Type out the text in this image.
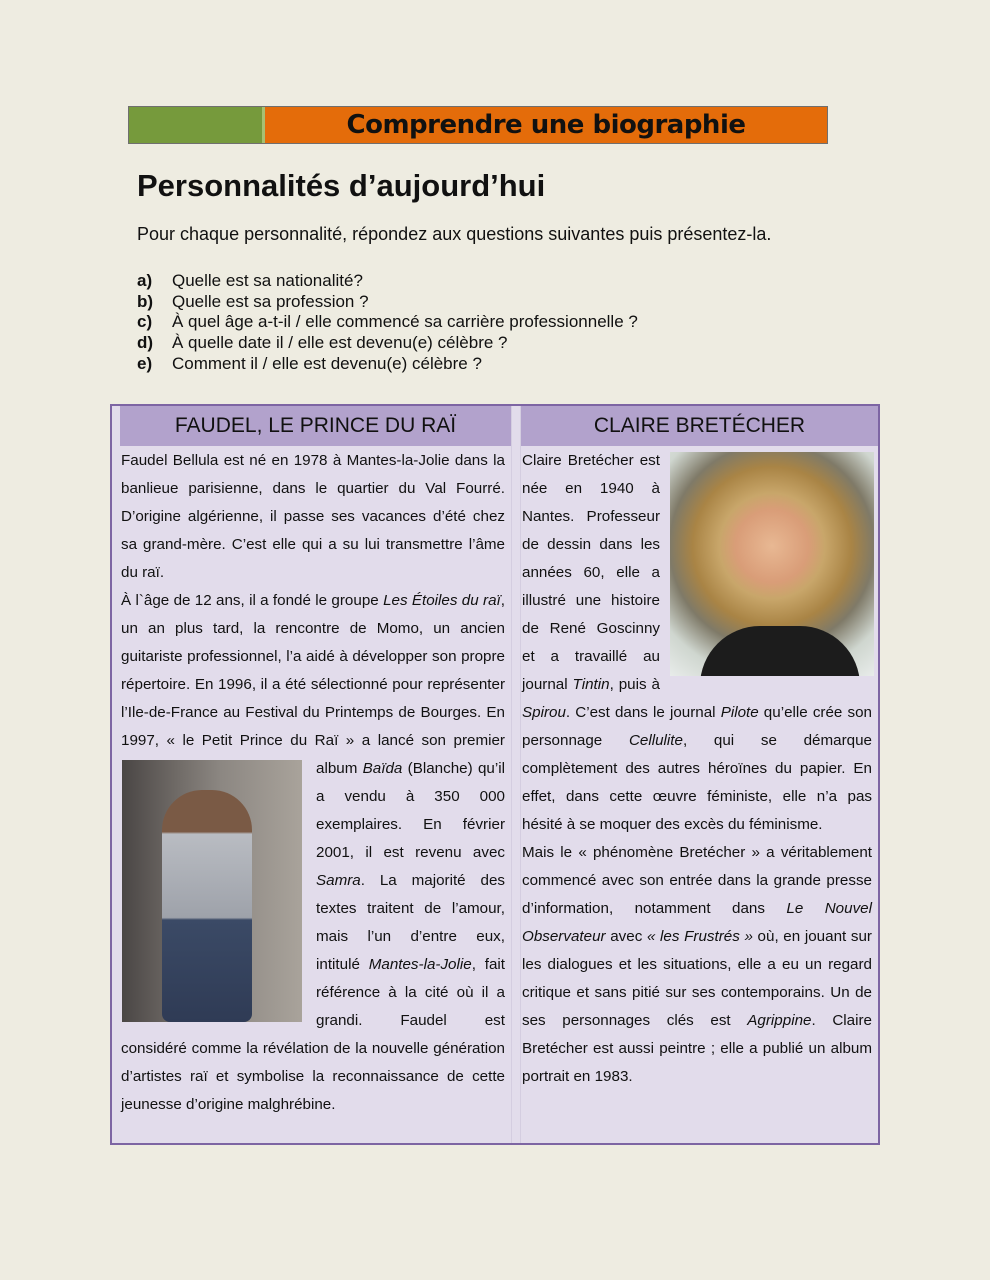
Comprendre une biographie
Personnalités d’aujourd’hui

Pour chaque personnalité, répondez aux questions suivantes puis présentez-la.

a)	Quelle est sa nationalité?
b)	Quelle est sa profession ?
c)	À quel âge a-t-il / elle commencé sa carrière professionnelle ?
d)	À quelle date il / elle est devenu(e) célèbre ?
e)	Comment il / elle est devenu(e) célèbre ?
FAUDEL, LE PRINCE DU RAÏ	CLAIRE BRETÉCHER

Faudel Bellula est né en 1978 à Mantes-la-Jolie dans la banlieue parisienne, dans le quartier du Val Fourré. D’origine algérienne, il passe ses vacances d’été chez sa grand-mère. C’est elle qui a su lui transmettre l’âme du raï.

À l`âge de 12 ans, il a fondé le groupe Les Étoiles du raï, un an plus tard, la rencontre de Momo, un ancien guitariste professionnel, l’a aidé à développer son propre répertoire. En 1996, il a été sélectionné pour représenter l’Ile-de-France au Festival du Printemps de Bourges. En 1997, « le Petit Prince du Raï » a lancé son premier album
Baïda (Blanche) qu’il a vendu à 350 000 exemplaires. En février 2001, il est revenu avec Samra. La majorité des textes traitent de l’amour, mais l’un d’entre eux, intitulé Mantes-la-Jolie, fait référence à la cité où il a grandi. Faudel est considéré comme la révélation de la nouvelle génération d’artistes raï et symbolise la reconnaissance de cette jeunesse d’origine malghrébine.

Claire Bretécher est née en 1940 à Nantes. Professeur de dessin dans les années 60, elle a illustré une histoire de René Goscinny et a travaillé au journal Tintin, puis à Spirou. C’est dans le journal Pilote qu’elle crée son personnage Cellulite, qui se démarque complètement des autres héroïnes du papier. En effet, dans cette œuvre féministe, elle n’a pas hésité à se moquer des excès du féminisme.

Mais le « phénomène Bretécher » a véritablement commencé avec son entrée dans la grande presse d’information, notamment dans Le Nouvel Observateur avec « les Frustrés » où, en jouant sur les dialogues et les situations, elle a eu un regard critique et sans pitié sur ses contemporains. Un de ses personnages clés est Agrippine. Claire Bretécher est aussi peintre ; elle a publié un album portrait en 1983.
